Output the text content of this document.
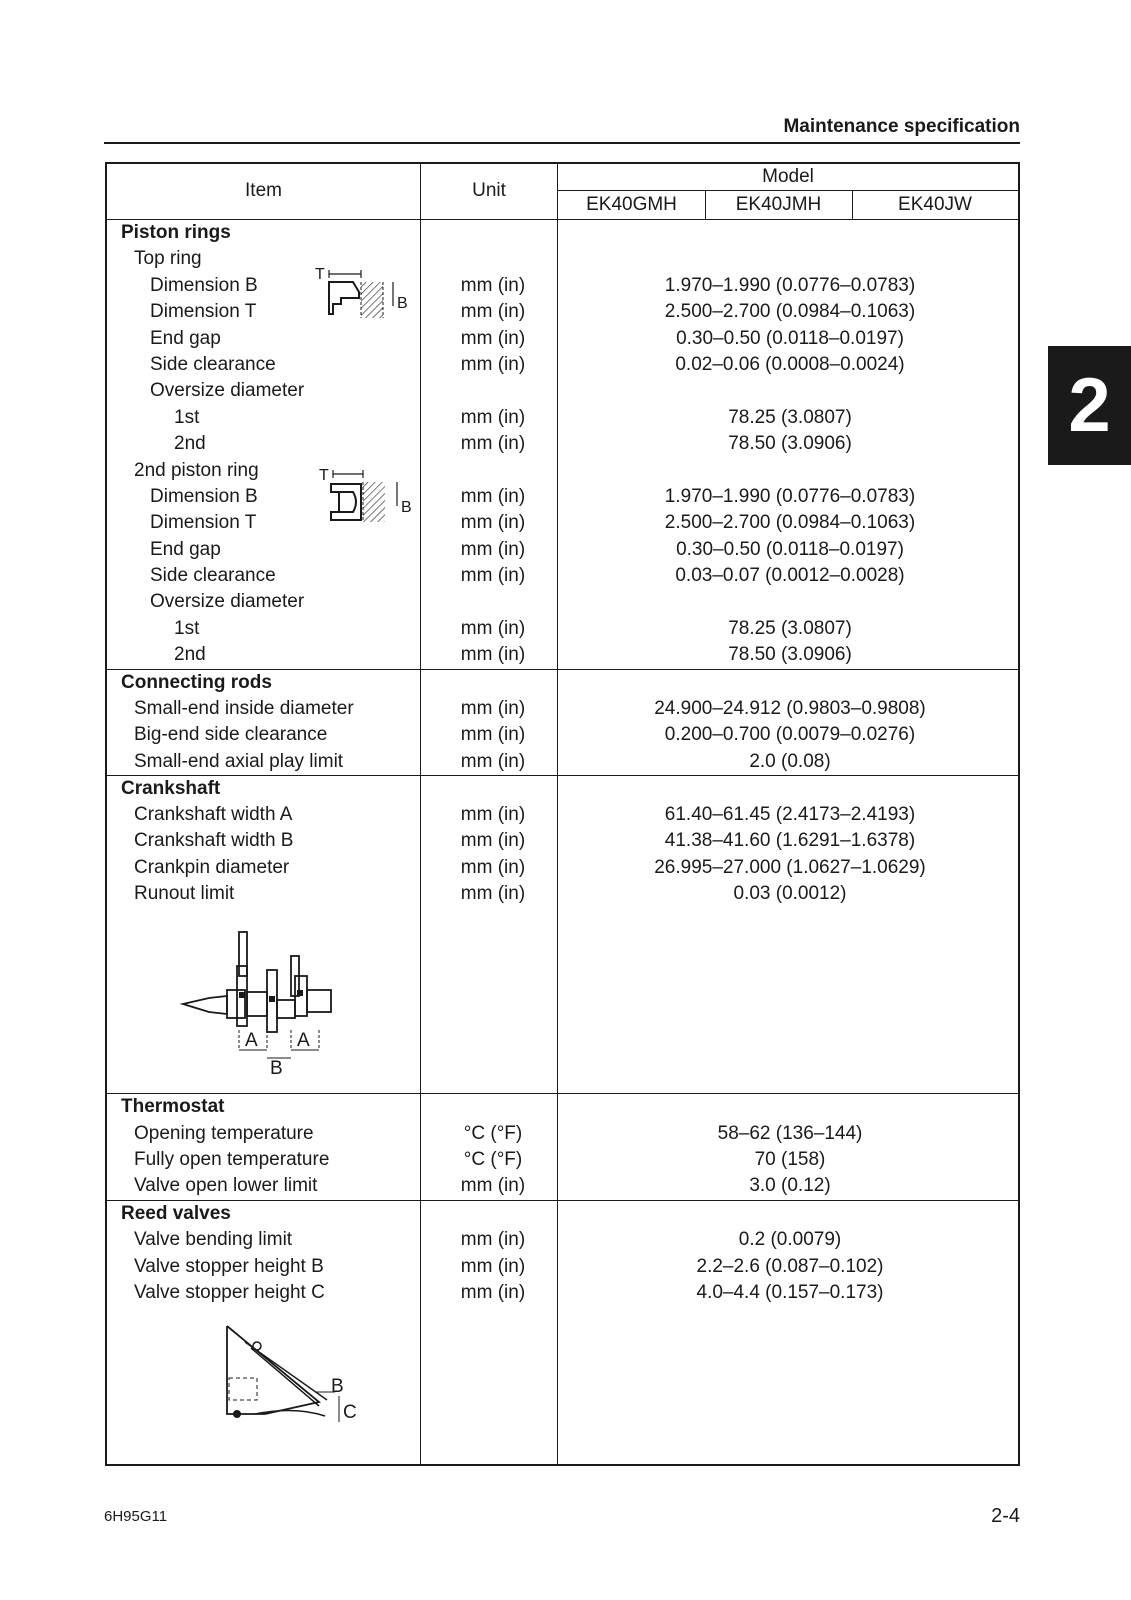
Maintenance specification
2
Item	Unit
Model
EK40GMH	EK40JMH	EK40JW
Piston rings
Top ring
Dimension B	mm (in)	1.970–1.990 (0.0776–0.0783)
Dimension T	mm (in)	2.500–2.700 (0.0984–0.1063)
End gap	mm (in)	0.30–0.50 (0.0118–0.0197)
Side clearance	mm (in)	0.02–0.06 (0.0008–0.0024)
Oversize diameter
1st	mm (in)	78.25 (3.0807)
2nd	mm (in)	78.50 (3.0906)
2nd piston ring
Dimension B	mm (in)	1.970–1.990 (0.0776–0.0783)
Dimension T	mm (in)	2.500–2.700 (0.0984–0.1063)
End gap	mm (in)	0.30–0.50 (0.0118–0.0197)
Side clearance	mm (in)	0.03–0.07 (0.0012–0.0028)
Oversize diameter
1st	mm (in)	78.25 (3.0807)
2nd	mm (in)	78.50 (3.0906)
Connecting rods
Small-end inside diameter	mm (in)	24.900–24.912 (0.9803–0.9808)
Big-end side clearance	mm (in)	0.200–0.700 (0.0079–0.0276)
Small-end axial play limit	mm (in)	2.0 (0.08)
Crankshaft
Crankshaft width A	mm (in)	61.40–61.45 (2.4173–2.4193)
Crankshaft width B	mm (in)	41.38–41.60 (1.6291–1.6378)
Crankpin diameter	mm (in)	26.995–27.000 (1.0627–1.0629)
Runout limit	mm (in)	0.03 (0.0012)
Thermostat
Opening temperature	°C (°F)	58–62 (136–144)
Fully open temperature	°C (°F)	70 (158)
Valve open lower limit	mm (in)	3.0 (0.12)
Reed valves
Valve bending limit	mm (in)	0.2 (0.0079)
Valve stopper height B	mm (in)	2.2–2.6 (0.087–0.102)
Valve stopper height C	mm (in)	4.0–4.4 (0.157–0.173)
T
B
T
B
A A
B
B
C
6H95G11	2-4
